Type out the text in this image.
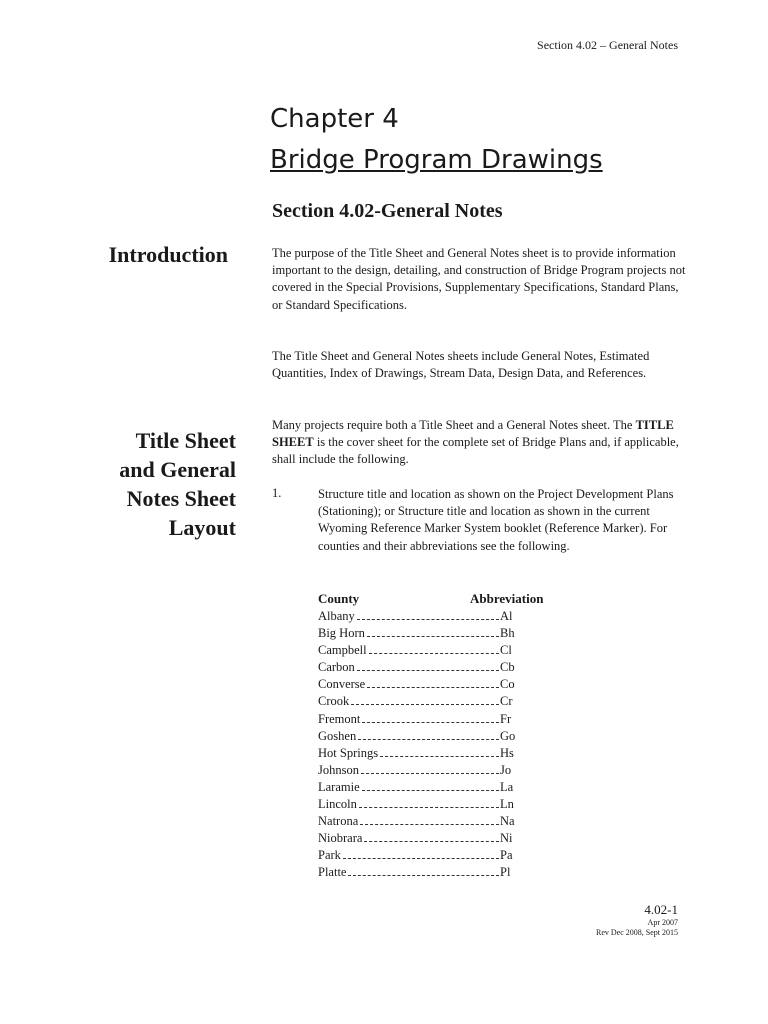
Section 4.02 – General Notes
Chapter 4
Bridge Program Drawings
Section 4.02-General Notes
Introduction
Title Sheet
and General
Notes Sheet
Layout
The purpose of the Title Sheet and General Notes sheet is to provide information important to the design, detailing, and construction of Bridge Program projects not covered in the Special Provisions, Supplementary Specifications, Standard Plans, or Standard Specifications.
The Title Sheet and General Notes sheets include General Notes, Estimated Quantities, Index of Drawings, Stream Data, Design Data, and References.
Many projects require both a Title Sheet and a General Notes sheet. The TITLE SHEET is the cover sheet for the complete set of Bridge Plans and, if applicable, shall include the following.
1.	Structure title and location as shown on the Project Development Plans (Stationing); or Structure title and location as shown in the current Wyoming Reference Marker System booklet (Reference Marker). For counties and their abbreviations see the following.
County	Abbreviation
Albany	Al
Big Horn	Bh
Campbell	Cl
Carbon	Cb
Converse	Co
Crook	Cr
Fremont	Fr
Goshen	Go
Hot Springs	Hs
Johnson	Jo
Laramie	La
Lincoln	Ln
Natrona	Na
Niobrara	Ni
Park	Pa
Platte	Pl
4.02-1
Apr 2007
Rev Dec 2008, Sept 2015
